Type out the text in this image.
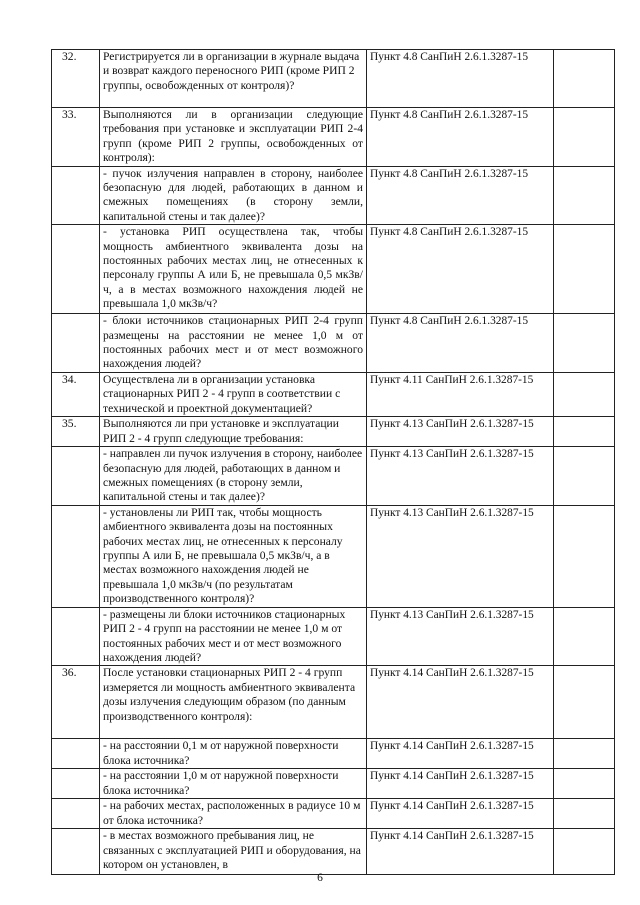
32.	Регистрируется ли в организации в журнале выдача и возврат каждого переносного РИП (кроме РИП 2 группы, освобожденных от контроля)?	Пункт 4.8 СанПиН 2.6.1.3287-15	
33.	Выполняются ли в организации следующие требования при установке и эксплуатации РИП 2-4 групп (кроме РИП 2 группы, освобожденных от контроля):	Пункт 4.8 СанПиН 2.6.1.3287-15	
	- пучок излучения направлен в сторону, наиболее безопасную для людей, работающих в данном и смежных помещениях (в сторону земли, капитальной стены и так далее)?	Пункт 4.8 СанПиН 2.6.1.3287-15	
	- установка РИП осуществлена так, чтобы мощность амбиентного эквивалента дозы на постоянных рабочих местах лиц, не отнесенных к персоналу группы А или Б, не превышала 0,5 мкЗв/ч, а в местах возможного нахождения людей не превышала 1,0 мкЗв/ч?	Пункт 4.8 СанПиН 2.6.1.3287-15	
	- блоки источников стационарных РИП 2-4 групп размещены на расстоянии не менее 1,0 м от постоянных рабочих мест и от мест возможного нахождения людей?	Пункт 4.8 СанПиН 2.6.1.3287-15	
34.	Осуществлена ли в организации установка стационарных РИП 2 - 4 групп в соответствии с технической и проектной документацией?	Пункт 4.11 СанПиН 2.6.1.3287-15	
35.	Выполняются ли при установке и эксплуатации РИП 2 - 4 групп следующие требования:	Пункт 4.13 СанПиН 2.6.1.3287-15	
	- направлен ли пучок излучения в сторону, наиболее безопасную для людей, работающих в данном и смежных помещениях (в сторону земли, капитальной стены и так далее)?	Пункт 4.13 СанПиН 2.6.1.3287-15	
	- установлены ли РИП так, чтобы мощность амбиентного эквивалента дозы на постоянных рабочих местах лиц, не отнесенных к персоналу группы А или Б, не превышала 0,5 мкЗв/ч, а в местах возможного нахождения людей не превышала 1,0 мкЗв/ч (по результатам производственного контроля)?	Пункт 4.13 СанПиН 2.6.1.3287-15	
	- размещены ли блоки источников стационарных РИП 2 - 4 групп на расстоянии не менее 1,0 м от постоянных рабочих мест и от мест возможного нахождения людей?	Пункт 4.13 СанПиН 2.6.1.3287-15	
36.	После установки стационарных РИП 2 - 4 групп измеряется ли мощность амбиентного эквивалента дозы излучения следующим образом (по данным производственного контроля):	Пункт 4.14 СанПиН 2.6.1.3287-15	
	- на расстоянии 0,1 м от наружной поверхности блока источника?	Пункт 4.14 СанПиН 2.6.1.3287-15	
	- на расстоянии 1,0 м от наружной поверхности блока источника?	Пункт 4.14 СанПиН 2.6.1.3287-15	
	- на рабочих местах, расположенных в радиусе 10 м от блока источника?	Пункт 4.14 СанПиН 2.6.1.3287-15	
	- в местах возможного пребывания лиц, не связанных с эксплуатацией РИП и оборудования, на котором он установлен, в	Пункт 4.14 СанПиН 2.6.1.3287-15	
6
